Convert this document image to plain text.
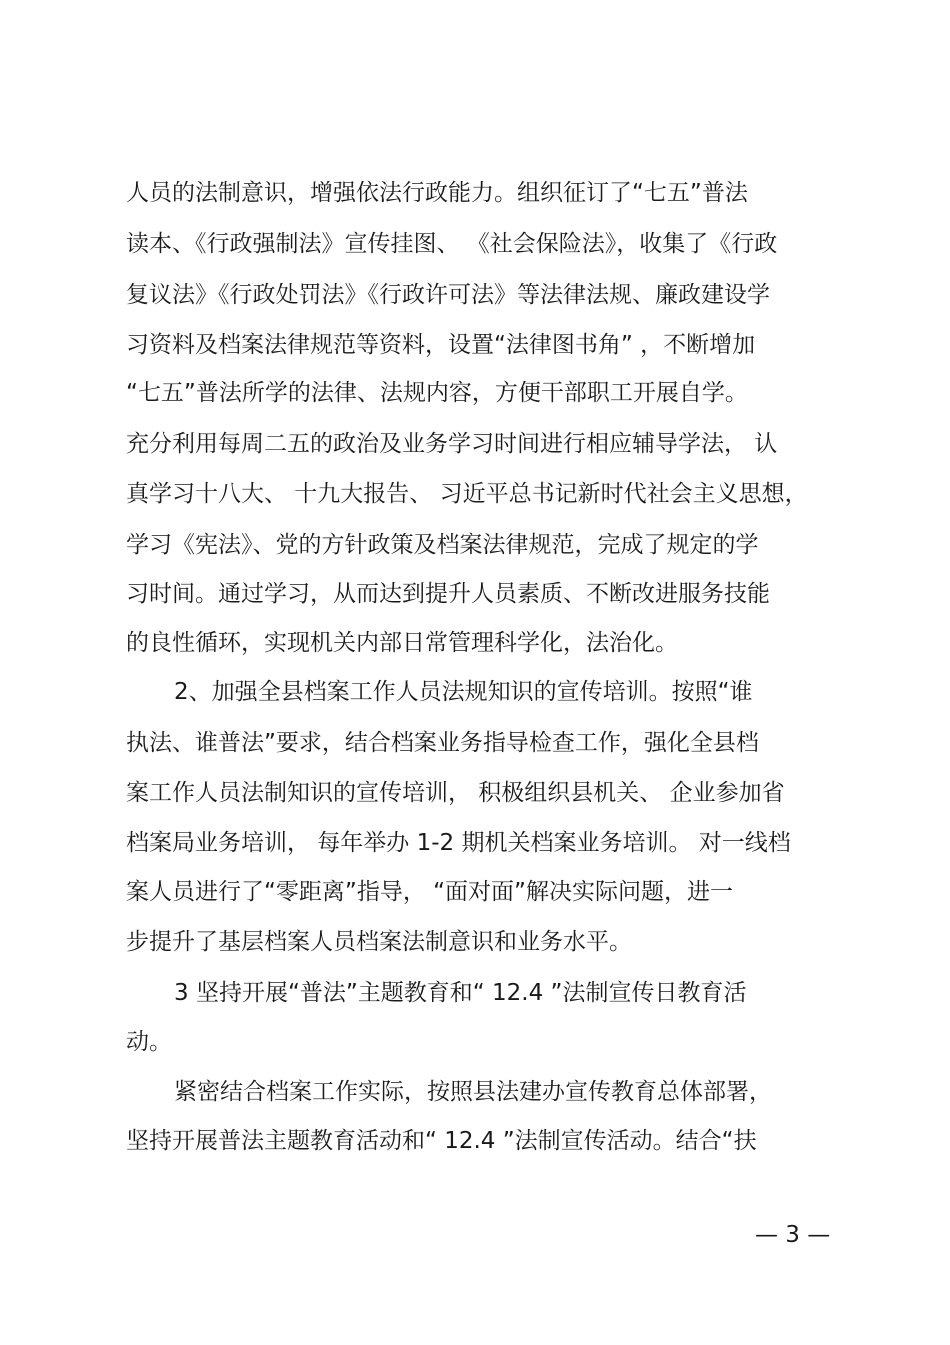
人员的法制意识，增强依法行政能力。组织征订了“七五”普法

读本、《行政强制法》宣传挂图、 《社会保险法》，收集了《行政

复议法》《行政处罚法》《行政许可法》等法律法规、廉政建设学

习资料及档案法律规范等资料，设置“法律图书角” ，不断增加

“七五”普法所学的法律、法规内容，方便干部职工开展自学。

充分利用每周二五的政治及业务学习时间进行相应辅导学法， 认

真学习十八大、 十九大报告、 习近平总书记新时代社会主义思想，

学习《宪法》、党的方针政策及档案法律规范，完成了规定的学

习时间。通过学习，从而达到提升人员素质、不断改进服务技能

的良性循环，实现机关内部日常管理科学化，法治化。

2、加强全县档案工作人员法规知识的宣传培训。按照“谁

执法、谁普法”要求，结合档案业务指导检查工作，强化全县档

案工作人员法制知识的宣传培训， 积极组织县机关、 企业参加省

档案局业务培训， 每年举办 1-2 期机关档案业务培训。 对一线档

案人员进行了“零距离”指导， “面对面”解决实际问题，进一

步提升了基层档案人员档案法制意识和业务水平。

3 坚持开展“普法”主题教育和“ 12.4 ”法制宣传日教育活

动。

紧密结合档案工作实际，按照县法建办宣传教育总体部署，

坚持开展普法主题教育活动和“ 12.4 ”法制宣传活动。结合“扶

— 3 —
